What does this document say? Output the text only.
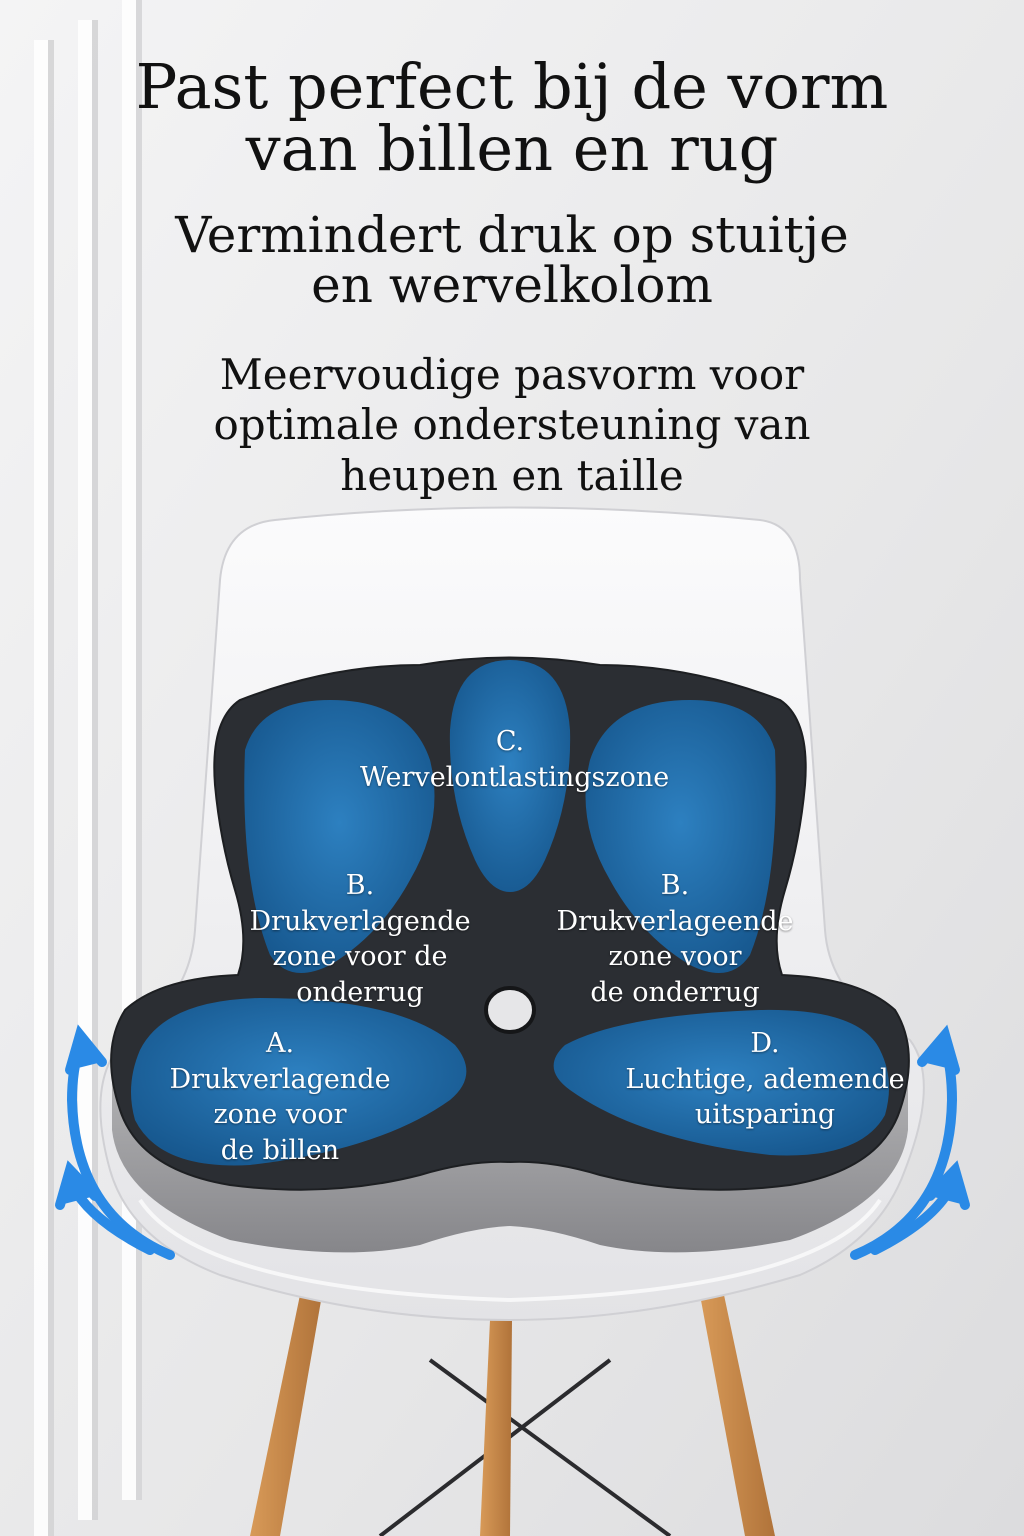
Past perfect bij de vorm
van billen en rug
Vermindert druk op stuitje
en wervelkolom
Meervoudige pasvorm voor
optimale ondersteuning van
heupen en taille
C.
Wervelontlastingszone
B.
Drukverlagende
zone voor de
onderrug
B.
Drukverlageende
zone voor
de onderrug
A.
Drukverlagende
zone voor
de billen
D.
Luchtige, ademende
uitsparing
